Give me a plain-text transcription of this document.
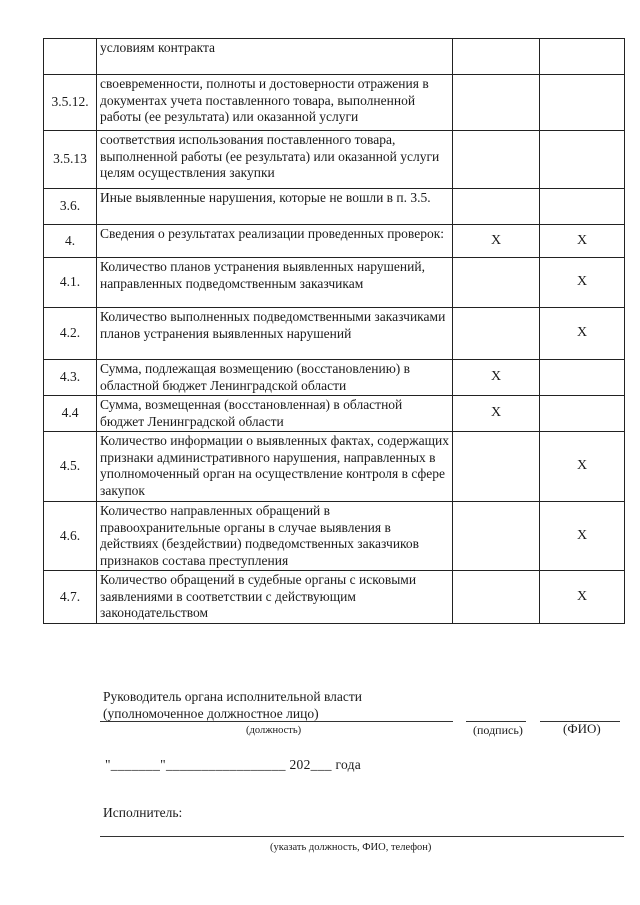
	условиям контракта		
3.5.12.	своевременности, полноты и достоверности отражения в документах учета поставленного товара, выполненной работы (ее результата) или оказанной услуги		
3.5.13	соответствия использования поставленного товара, выполненной работы (ее результата) или оказанной услуги целям осуществления закупки		
3.6.	Иные выявленные нарушения, которые не вошли в п. 3.5.		
4.	Сведения о результатах реализации проведенных проверок:	X	X
4.1.	Количество планов устранения выявленных нарушений, направленных подведомственным заказчикам		X
4.2.	Количество выполненных подведомственными заказчиками планов устранения выявленных нарушений		X
4.3.	Сумма, подлежащая возмещению (восстановлению) в областной бюджет Ленинградской области	X	
4.4	Сумма, возмещенная (восстановленная) в областной бюджет Ленинградской области	X	
4.5.	Количество информации о выявленных фактах, содержащих признаки административного нарушения, направленных в уполномоченный орган на осуществление контроля в сфере закупок		X
4.6.	Количество направленных обращений в правоохранительные органы в случае выявления в действиях (бездействии) подведомственных заказчиков признаков состава преступления		X
4.7.	Количество обращений в судебные органы с исковыми заявлениями в соответствии с действующим законодательством		X
Руководитель органа исполнительной власти
(уполномоченное должностное лицо)
(должность)	(подпись)	(ФИО)
"_______"_________________ 202___ года
Исполнитель:
(указать должность, ФИО, телефон)
